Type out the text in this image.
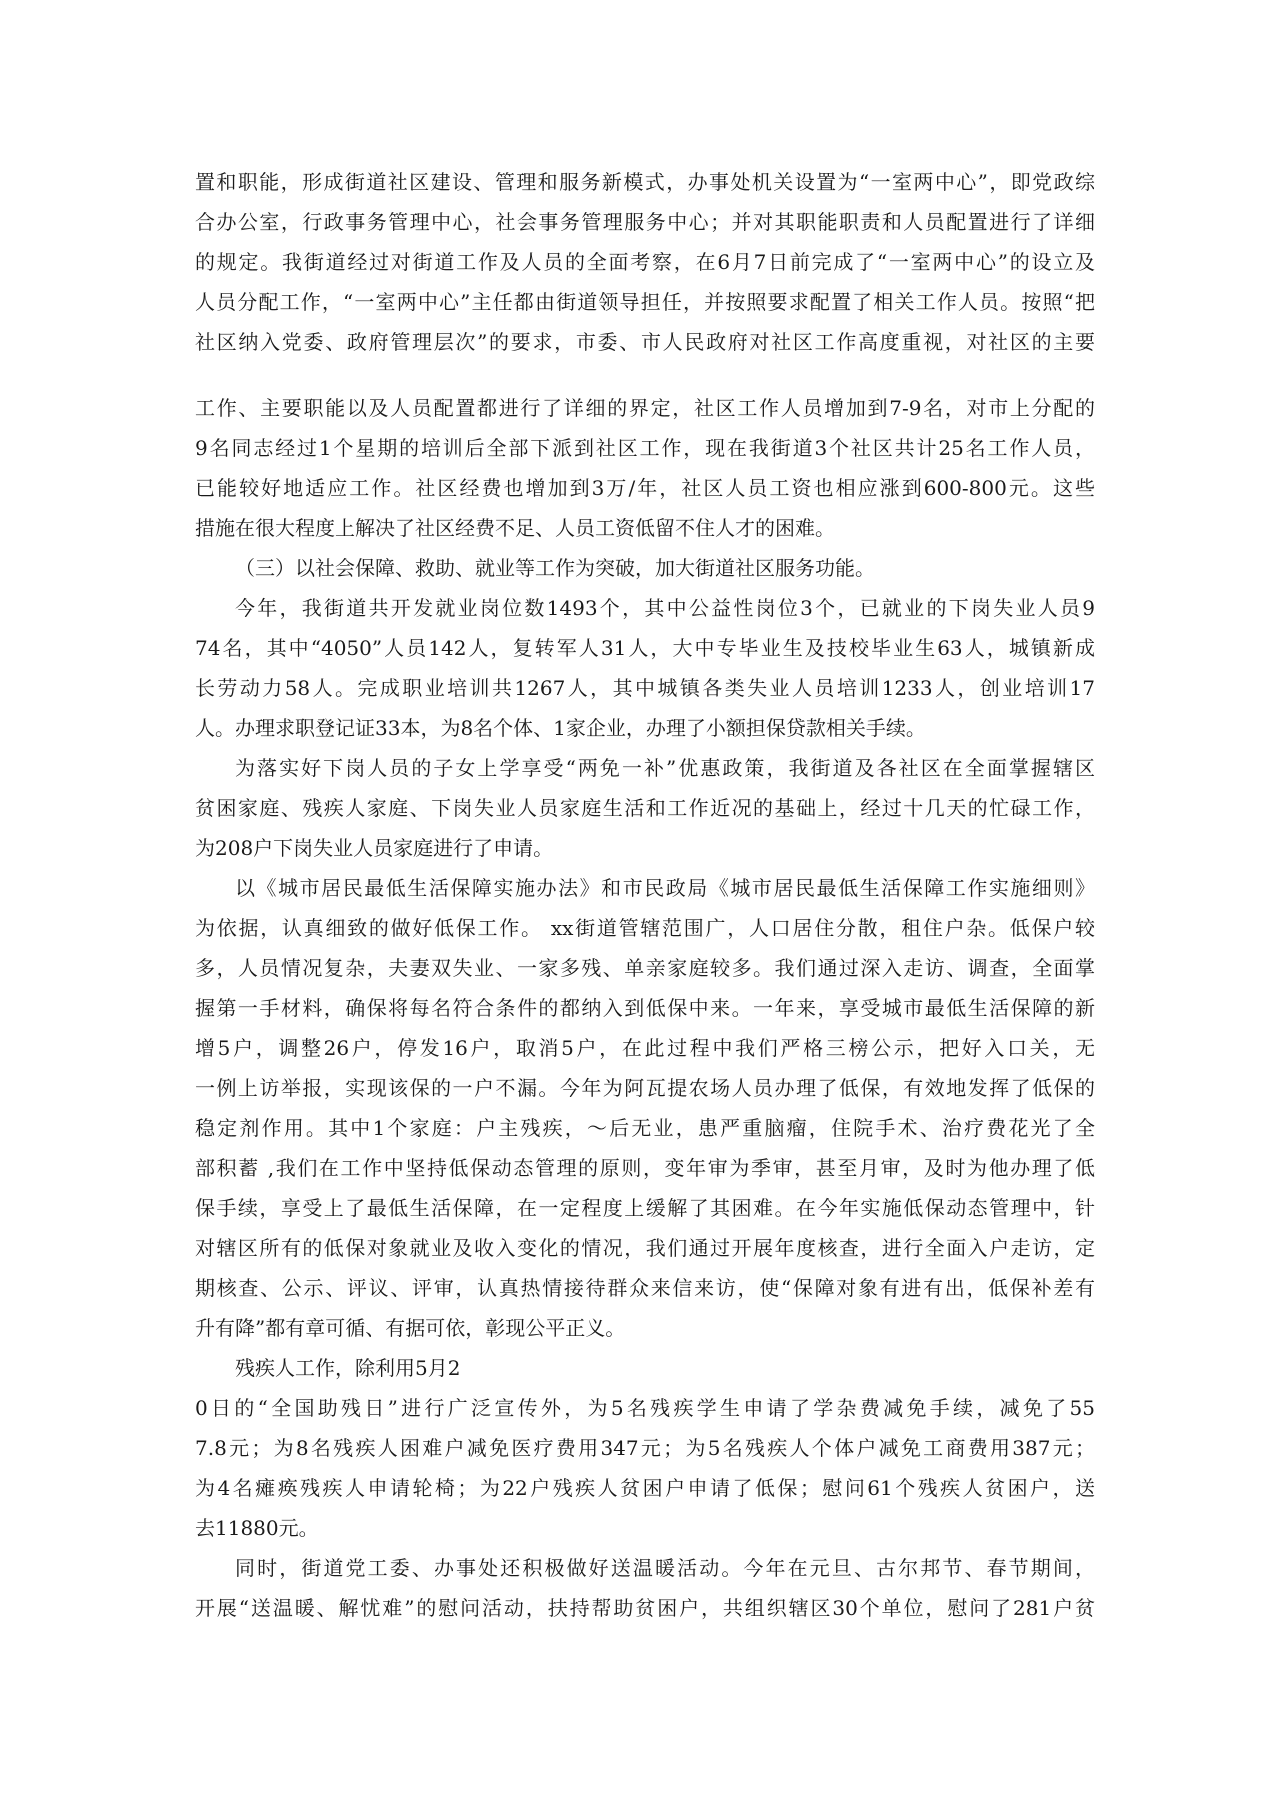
置和职能，形成街道社区建设、管理和服务新模式，办事处机关设置为“一室两中心”，即党政综
合办公室，行政事务管理中心，社会事务管理服务中心；并对其职能职责和人员配置进行了详细
的规定。我街道经过对街道工作及人员的全面考察，在6月7日前完成了“一室两中心”的设立及
人员分配工作，“一室两中心”主任都由街道领导担任，并按照要求配置了相关工作人员。按照“把
社区纳入党委、政府管理层次”的要求，市委、市人民政府对社区工作高度重视，对社区的主要
工作、主要职能以及人员配置都进行了详细的界定，社区工作人员增加到7-9名，对市上分配的
9名同志经过1个星期的培训后全部下派到社区工作，现在我街道3个社区共计25名工作人员，
已能较好地适应工作。社区经费也增加到3万/年，社区人员工资也相应涨到600-800元。这些
措施在很大程度上解决了社区经费不足、人员工资低留不住人才的困难。
（三）以社会保障、救助、就业等工作为突破，加大街道社区服务功能。
今年，我街道共开发就业岗位数1493个，其中公益性岗位3个，已就业的下岗失业人员9
74名，其中“4050”人员142人，复转军人31人，大中专毕业生及技校毕业生63人，城镇新成
长劳动力58人。完成职业培训共1267人，其中城镇各类失业人员培训1233人，创业培训17
人。办理求职登记证33本，为8名个体、1家企业，办理了小额担保贷款相关手续。
为落实好下岗人员的子女上学享受“两免一补”优惠政策，我街道及各社区在全面掌握辖区
贫困家庭、残疾人家庭、下岗失业人员家庭生活和工作近况的基础上，经过十几天的忙碌工作，
为208户下岗失业人员家庭进行了申请。
以《城市居民最低生活保障实施办法》和市民政局《城市居民最低生活保障工作实施细则》
为依据，认真细致的做好低保工作。 xx街道管辖范围广，人口居住分散，租住户杂。低保户较
多，人员情况复杂，夫妻双失业、一家多残、单亲家庭较多。我们通过深入走访、调查，全面掌
握第一手材料，确保将每名符合条件的都纳入到低保中来。一年来，享受城市最低生活保障的新
增5户，调整26户，停发16户，取消5户，在此过程中我们严格三榜公示，把好入口关，无
一例上访举报，实现该保的一户不漏。今年为阿瓦提农场人员办理了低保，有效地发挥了低保的
稳定剂作用。其中1个家庭：户主残疾，～后无业，患严重脑瘤，住院手术、治疗费花光了全
部积蓄 ,我们在工作中坚持低保动态管理的原则，变年审为季审，甚至月审，及时为他办理了低
保手续，享受上了最低生活保障，在一定程度上缓解了其困难。在今年实施低保动态管理中，针
对辖区所有的低保对象就业及收入变化的情况，我们通过开展年度核查，进行全面入户走访，定
期核查、公示、评议、评审，认真热情接待群众来信来访，使“保障对象有进有出，低保补差有
升有降”都有章可循、有据可依，彰现公平正义。
残疾人工作，除利用5月2
0日的“全国助残日”进行广泛宣传外，为5名残疾学生申请了学杂费减免手续，减免了55
7.8元；为8名残疾人困难户减免医疗费用347元；为5名残疾人个体户减免工商费用387元；
为4名瘫痪残疾人申请轮椅；为22户残疾人贫困户申请了低保；慰问61个残疾人贫困户，送
去11880元。
同时，街道党工委、办事处还积极做好送温暖活动。今年在元旦、古尔邦节、春节期间，
开展“送温暖、解忧难”的慰问活动，扶持帮助贫困户，共组织辖区30个单位，慰问了281户贫
